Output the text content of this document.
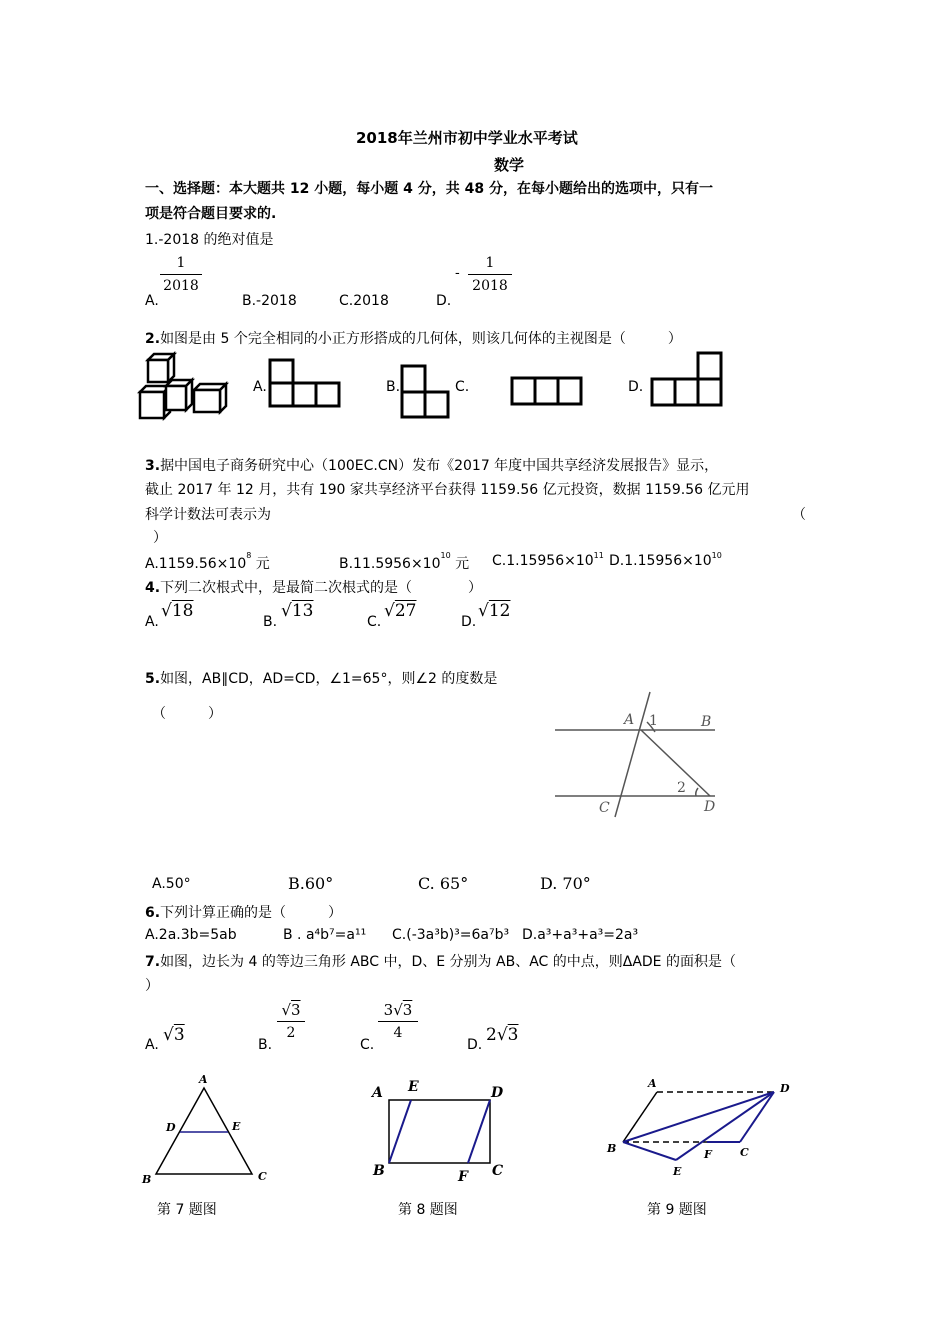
2018年兰州市初中学业水平考试
数学
一、选择题：本大题共 12 小题，每小题 4 分，共 48 分，在每小题给出的选项中，只有一
项是符合题目要求的.
1.-2018 的绝对值是
A.
1
2018
B.-2018	C.2018	D.
-
1
2018
2.如图是由 5 个完全相同的小正方形搭成的几何体，则该几何体的主视图是（　　　）
A.	B.	C.	D.
3.据中国电子商务研究中心（100EC.CN）发布《2017 年度中国共享经济发展报告》显示，
截止 2017 年 12 月，共有 190 家共享经济平台获得 1159.56 亿元投资，数据 1159.56 亿元用
科学计数法可表示为	（
）
$A.1159.56\times 10^8$ 元	$B.11.5956\times 10^{10}$ 元 $C.1.15956\times 10^{11}$ $D.1.15956\times 10^{10}$
4.下列二次根式中，是最简二次根式的是（　　　　）
A.
√18
B.
√13
C.
√27
D.
√12
5.如图，AB∥CD，AD=CD，∠1=65°，则∠2 的度数是
（　　　）	A 1	B
2
C	D
A.50°	B.60°	C. 65°	D. 70°
6.下列计算正确的是（　　　）
A.2a.3b=5ab	B . a⁴b⁷=a¹¹ C.(-3a³b)³=6a⁷b³ D.a³+a³+a³=2a³
7.如图，边长为 4 的等边三角形 ABC 中，D、E 分别为 AB、AC 的中点，则ΔADE 的面积是（
）
A. √3	B.
√3
2
C.
3√3
4
D. 2√3
A
D	E
B	C
第 7 题图
A E	D
B	F C
第 8 题图
A	D
B	F	C
E
第 9 题图
